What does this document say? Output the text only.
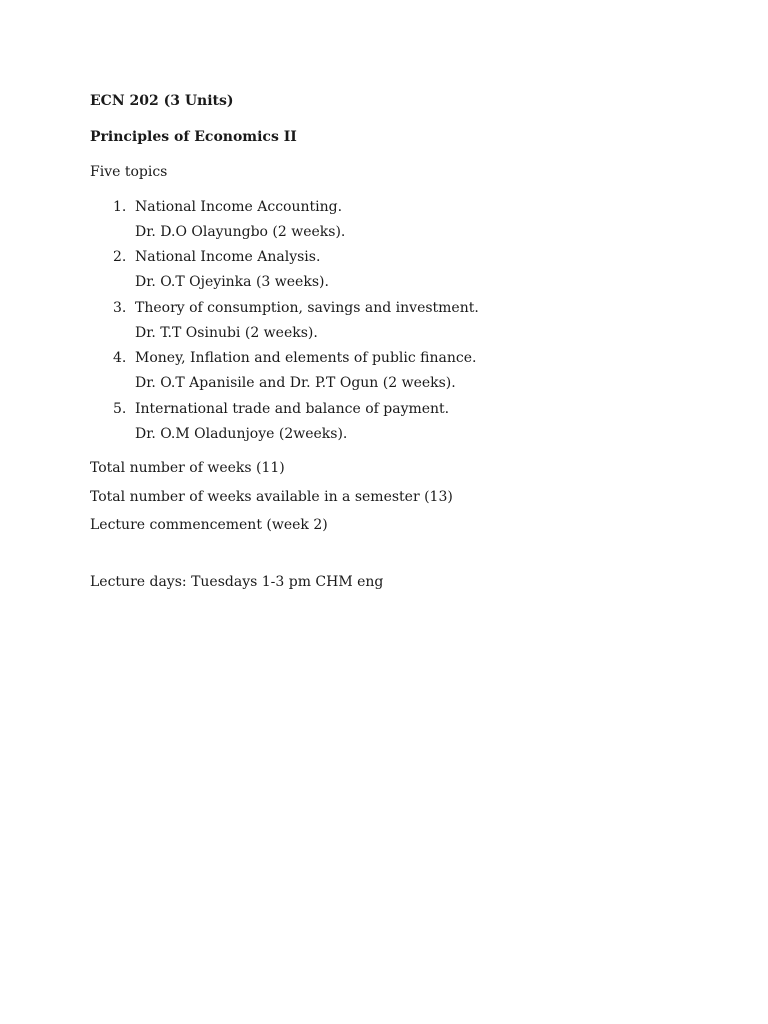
ECN 202 (3 Units)
Principles of Economics II
Five topics
1. National Income Accounting.
Dr. D.O Olayungbo (2 weeks).
2. National Income Analysis.
Dr. O.T Ojeyinka (3 weeks).
3. Theory of consumption, savings and investment.
Dr. T.T Osinubi (2 weeks).
4. Money, Inflation and elements of public finance.
Dr. O.T Apanisile and Dr. P.T Ogun (2 weeks).
5. International trade and balance of payment.
Dr. O.M Oladunjoye (2weeks).
Total number of weeks (11)
Total number of weeks available in a semester (13)
Lecture commencement (week 2)
Lecture days: Tuesdays 1-3 pm CHM eng
